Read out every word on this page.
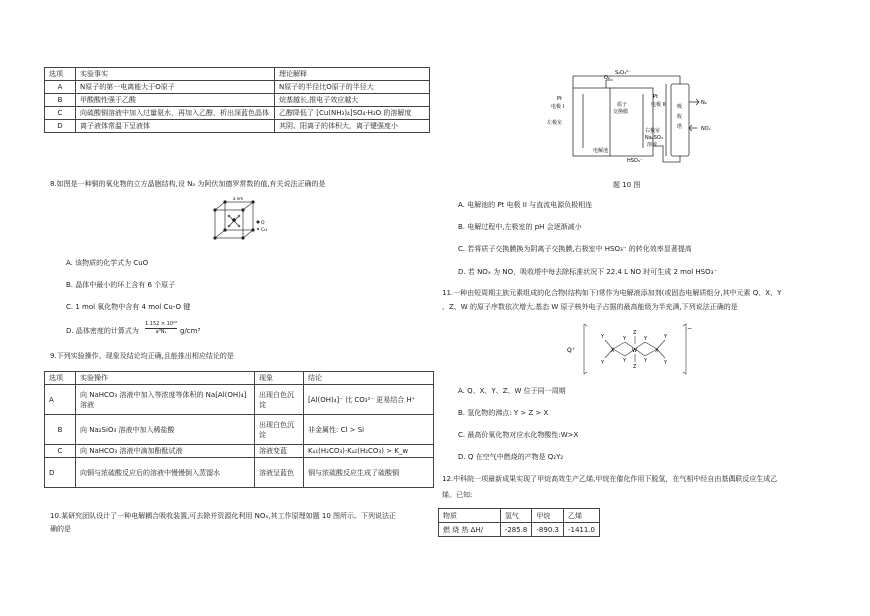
选项	实验事实	理论解释
A	N原子的第一电离能大于O原子	N原子的半径比O原子的半径大
B	甲酸酸性强于乙酸	烷基越长,推电子效应越大
C	向硫酸铜溶液中加入过量氨水，再加入乙醇，析出深蓝色晶体	乙醇降低了 [Cu(NH₃)₄]SO₄·H₂O 的溶解度
D	离子液体常温下呈液体	其阴、阳离子的体积大，离子键强度小
8.如图是一种铜的氧化物的立方晶胞结构,设 Nₐ 为阿伏加德罗常数的值,有关说法正确的是
a nm
O
Cu
A. 该物质的化学式为 CuO
B. 晶体中最小的环上含有 6 个原子
C. 1 mol 氧化物中含有 4 mol Cu-O 键
D. 晶体密度的计算式为 $\frac{\text{1.152 × 10²³}}{\text{a³Nₐ}} g/cm^3$
9.下列实验操作、现象及结论均正确,且能推出相应结论的是
选项	实验操作	现象	结论
A	向 NaHCO₃ 溶液中加入等浓度等体积的 Na[Al(OH)₄] 溶液	出现白色沉淀	[Al(OH)₄]⁻ 比 CO₃²⁻ 更易结合 H⁺
B	向 Na₂SiO₃ 溶液中加入稀盐酸	出现白色沉淀	非金属性: Cl > Si
C	向 NaHCO₃ 溶液中滴加酚酞试液	溶液变蓝	Kₐ₁(H₂CO₃)·Kₐ₂(H₂CO₃) > K_w
D	向铜与浓硫酸反应后的溶液中慢慢倒入蒸馏水	溶液呈蓝色	铜与浓硫酸反应生成了硫酸铜
10.某研究团队设计了一种电解耦合吸收装置,可去除并资源化利用 NOₓ,其工作原理如题 10 图所示。下列说法正
确的是
S₂O₄²⁻
O₂
Pt
电极 I
左极室
质子
交换膜
Pt
电极 II
右极室
Na₂SO₄
溶液
电解池
HSO₃⁻
吸
收
塔
N₂
NOₓ
题 10 图
A. 电解池的 Pt 电极 II 与直流电源负极相连
B. 电解过程中,左极室的 pH 会逐渐减小
C. 若将质子交换膜换为阴离子交换膜,右极室中 HSO₃⁻ 的转化效率显著提高
D. 若 NOₓ 为 NO，吸收塔中每去除标准状况下 22.4 L NO 时可生成 2 mol HSO₃⁻
11.一种由短周期主族元素组成的化合物(结构如下)常作为电解液添加剂(或固态电解质组分,其中元素 Q、X、Y
、Z、W 的原子序数依次增大,基态 W 原子核外电子占据的最高能级为半充满,下列说法正确的是
Q⁺
Y
Y
X
Y
Y
Z
W
Z
Y
Y
X
Y
Y
−
A. Q、X、Y、Z、W 位于同一周期
B. 氢化物的沸点: Y > Z > X
C. 最高价氧化物对应水化物酸性:W>X
D. Q 在空气中燃烧的产物是 Q₂Y₂
12.中科院一项最新成果实现了甲烷高效生产乙烯,甲烷在催化作用下脱氢，在气相中经自由基偶联反应生成乙
烯。已知:
物质	氢气	甲烷	乙烯
燃 烧 热 ΔH/	-285.8	-890.3	-1411.0
